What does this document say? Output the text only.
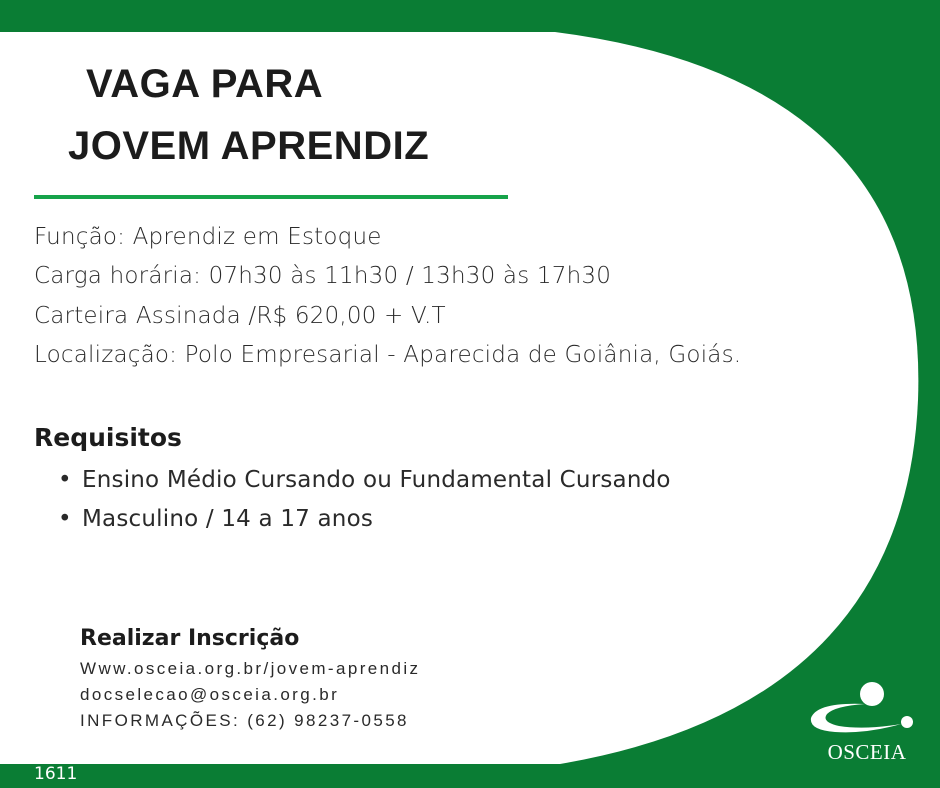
VAGA PARA
JOVEM APRENDIZ

Função: Aprendiz em Estoque

Carga horária: 07h30 às 11h30 / 13h30 às 17h30

Carteira Assinada /R$ 620,00 + V.T

Localização: Polo Empresarial - Aparecida de Goiânia, Goiás.

Requisitos
• Ensino Médio Cursando ou Fundamental Cursando
• Masculino / 14 a 17 anos
Realizar Inscrição
Www.osceia.org.br/jovem-aprendiz
docselecao@osceia.org.br
INFORMAÇÕES: (62) 98237-0558
OSCEIA
1611
